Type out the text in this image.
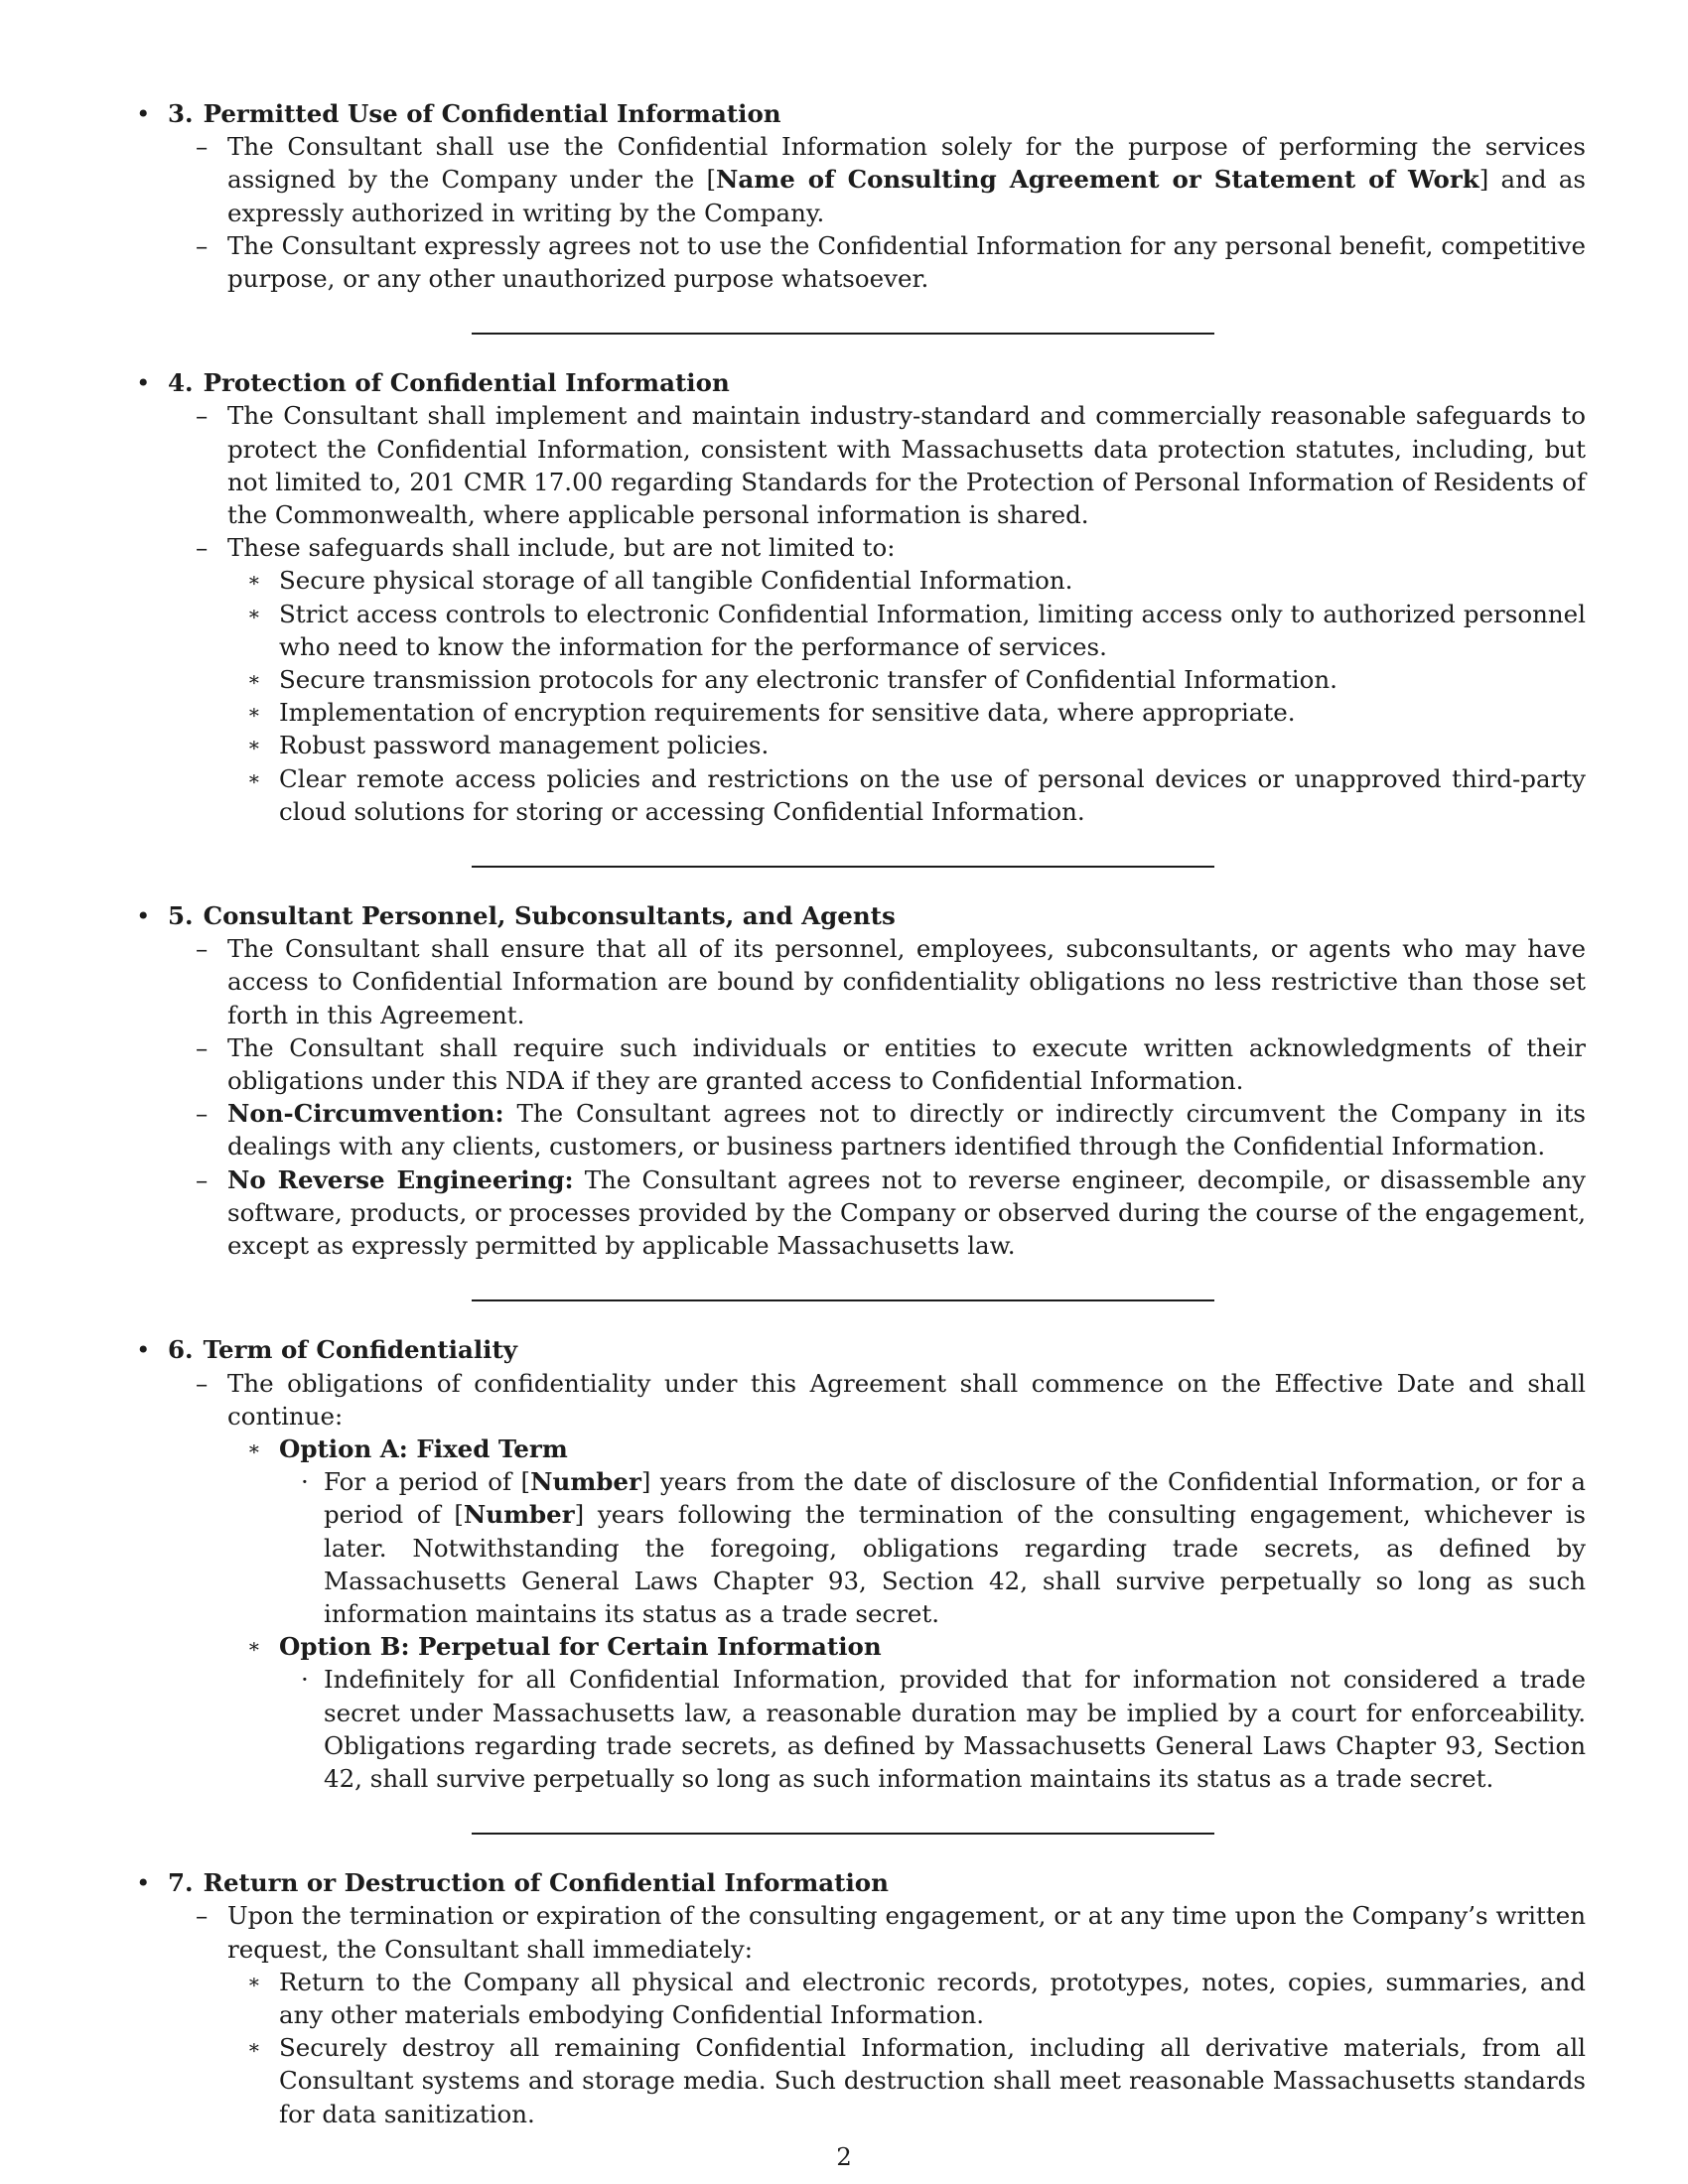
• 3. Permitted Use of Confidential Information
– The Consultant shall use the Confidential Information solely for the purpose of performing the services assigned by the Company under the [Name of Consulting Agreement or Statement of Work] and as expressly authorized in writing by the Company.
– The Consultant expressly agrees not to use the Confidential Information for any personal benefit, competitive purpose, or any other unauthorized purpose whatsoever.
• 4. Protection of Confidential Information
– The Consultant shall implement and maintain industry-standard and commercially reasonable safeguards to protect the Confidential Information, consistent with Massachusetts data protection statutes, including, but not limited to, 201 CMR 17.00 regarding Standards for the Protection of Personal Information of Residents of the Commonwealth, where applicable personal information is shared.
– These safeguards shall include, but are not limited to:
∗ Secure physical storage of all tangible Confidential Information.
∗ Strict access controls to electronic Confidential Information, limiting access only to authorized personnel who need to know the information for the performance of services.
∗ Secure transmission protocols for any electronic transfer of Confidential Information.
∗ Implementation of encryption requirements for sensitive data, where appropriate.
∗ Robust password management policies.
∗ Clear remote access policies and restrictions on the use of personal devices or unapproved third-party cloud solutions for storing or accessing Confidential Information.
• 5. Consultant Personnel, Subconsultants, and Agents
– The Consultant shall ensure that all of its personnel, employees, subconsultants, or agents who may have access to Confidential Information are bound by confidentiality obligations no less restrictive than those set forth in this Agreement.
– The Consultant shall require such individuals or entities to execute written acknowledgments of their obligations under this NDA if they are granted access to Confidential Information.
– Non-Circumvention: The Consultant agrees not to directly or indirectly circumvent the Company in its dealings with any clients, customers, or business partners identified through the Confidential Information.
– No Reverse Engineering: The Consultant agrees not to reverse engineer, decompile, or disassemble any software, products, or processes provided by the Company or observed during the course of the engagement, except as expressly permitted by applicable Massachusetts law.
• 6. Term of Confidentiality
– The obligations of confidentiality under this Agreement shall commence on the Effective Date and shall continue:
∗ Option A: Fixed Term
· For a period of [Number] years from the date of disclosure of the Confidential Information, or for a period of [Number] years following the termination of the consulting engagement, whichever is later. Notwithstanding the foregoing, obligations regarding trade secrets, as defined by Massachusetts General Laws Chapter 93, Section 42, shall survive perpetually so long as such information maintains its status as a trade secret.
∗ Option B: Perpetual for Certain Information
· Indefinitely for all Confidential Information, provided that for information not considered a trade secret under Massachusetts law, a reasonable duration may be implied by a court for enforceability. Obligations regarding trade secrets, as defined by Massachusetts General Laws Chapter 93, Section 42, shall survive perpetually so long as such information maintains its status as a trade secret.
• 7. Return or Destruction of Confidential Information
– Upon the termination or expiration of the consulting engagement, or at any time upon the Company’s written request, the Consultant shall immediately:
∗ Return to the Company all physical and electronic records, prototypes, notes, copies, summaries, and any other materials embodying Confidential Information.
∗ Securely destroy all remaining Confidential Information, including all derivative materials, from all Consultant systems and storage media. Such destruction shall meet reasonable Massachusetts standards for data sanitization.
2
